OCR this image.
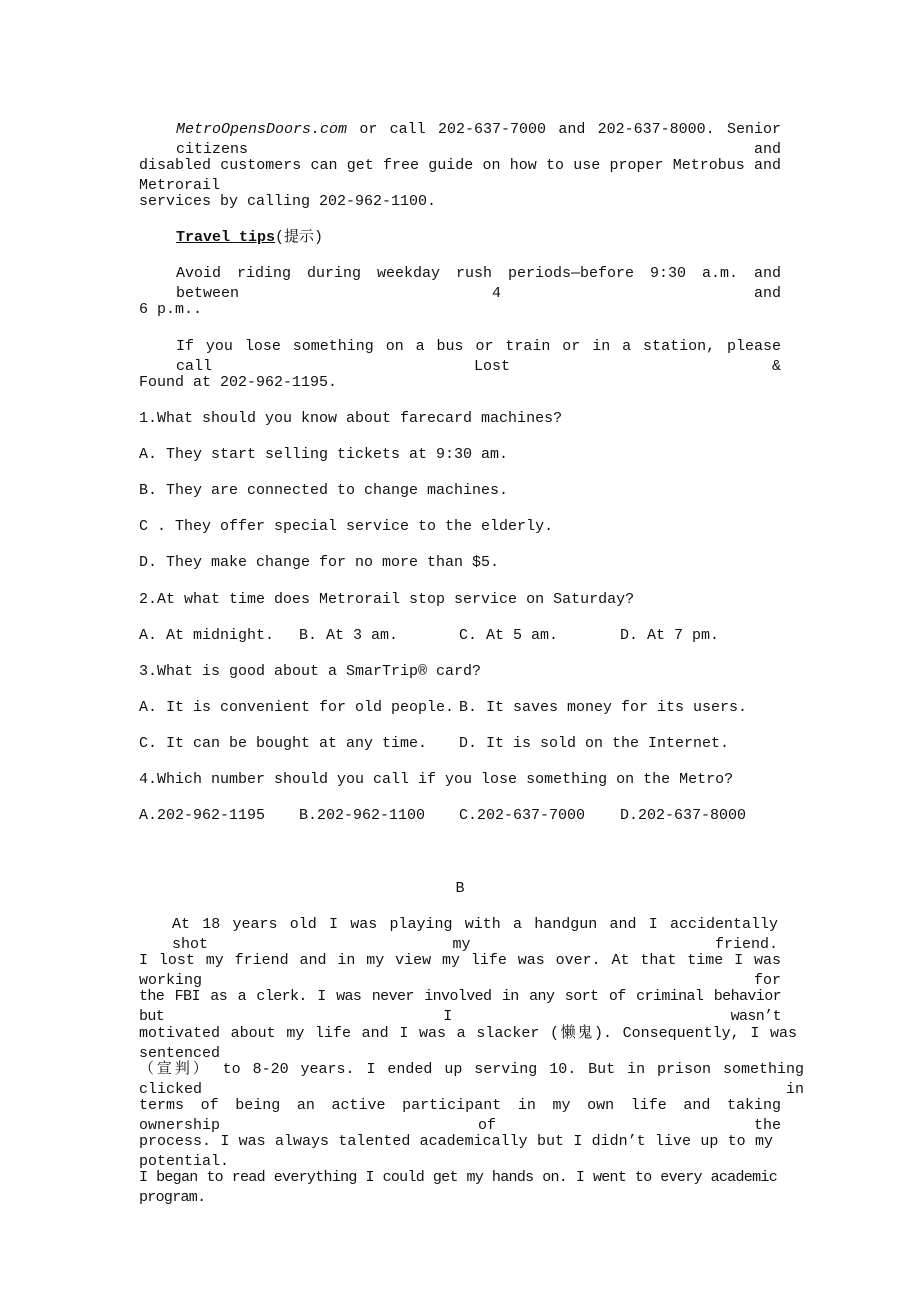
MetroOpensDoors.com or call 202-637-7000 and 202-637-8000. Senior citizens and
disabled customers can get free guide on how to use proper Metrobus and Metrorail
services by calling 202-962-1100.
Travel tips(提示)
Avoid riding during weekday rush periods—before 9:30 a.m. and between 4 and
6 p.m..
If you lose something on a bus or train or in a station, please call Lost &
Found at 202-962-1195.
1.What should you know about farecard machines?
A. They start selling tickets at 9:30 am.
B. They are connected to change machines.
C . They offer special service to the elderly.
D. They make change for no more than $5.
2.At what time does Metrorail stop service on Saturday?
A. At midnight. B. At 3 am.	C. At 5 am.	D. At 7 pm.
3.What is good about a SmarTrip® card?
A. It is convenient for old people. B. It saves money for its users.
C. It can be bought at any time. D. It is sold on the Internet.
4.Which number should you call if you lose something on the Metro?
A.202-962-1195 B.202-962-1100 C.202-637-7000 D.202-637-8000
B
At 18 years old I was playing with a handgun and I accidentally shot my friend.
I lost my friend and in my view my life was over. At that time I was working for
the FBI as a clerk. I was never involved in any sort of criminal behavior but I wasn’t
motivated about my life and I was a slacker (懒鬼). Consequently, I was sentenced
（宣判） to 8‐20 years. I ended up serving 10. But in prison something clicked in
terms of being an active participant in my own life and taking ownership of the
process. I was always talented academically but I didn’t live up to my potential.
I began to read everything I could get my hands on. I went to every academic program.
